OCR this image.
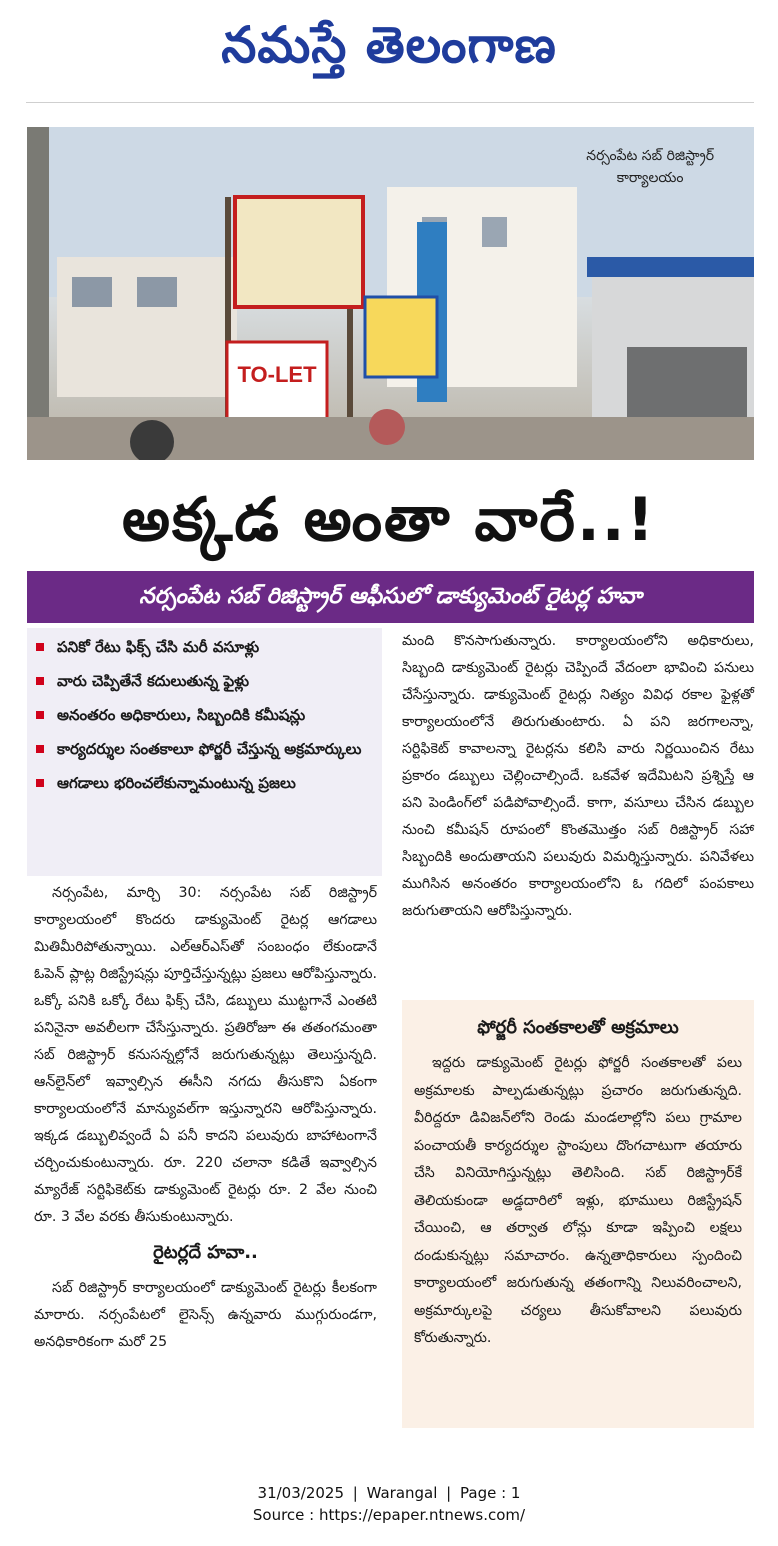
నమస్తే తెలంగాణ
TO-LET
నర్సంపేట సబ్ రిజిస్ట్రార్
కార్యాలయం
అక్కడ అంతా వారే..!
నర్సంపేట సబ్ రిజిస్ట్రార్ ఆఫీసులో డాక్యుమెంట్ రైటర్ల హవా
పనికో రేటు ఫిక్స్ చేసి మరీ వసూళ్లు
వారు చెప్పితేనే కదులుతున్న ఫైళ్లు
అనంతరం అధికారులు, సిబ్బందికి కమీషన్లు
కార్యదర్శుల సంతకాలూ ఫోర్జరీ చేస్తున్న అక్రమార్కులు
ఆగడాలు భరించలేకున్నామంటున్న ప్రజలు

నర్సంపేట, మార్చి 30: నర్సంపేట సబ్ రిజిస్ట్రార్ కార్యాలయంలో కొందరు డాక్యుమెంట్ రైటర్ల ఆగడాలు మితిమీరిపోతున్నాయి. ఎల్‌ఆర్‌ఎస్‌తో సంబంధం లేకుండానే ఓపెన్ ప్లాట్ల రిజిస్ట్రేషన్లు పూర్తిచేస్తున్నట్లు ప్రజలు ఆరోపిస్తున్నారు. ఒక్కో పనికి ఒక్కో రేటు ఫిక్స్ చేసి, డబ్బులు ముట్టగానే ఎంతటి పనినైనా అవలీలగా చేసేస్తున్నారు. ప్రతిరోజూ ఈ తతంగమంతా సబ్ రిజిస్ట్రార్ కనుసన్నల్లోనే జరుగుతున్నట్లు తెలుస్తున్నది. ఆన్‌లైన్‌లో ఇవ్వాల్సిన ఈసీని నగదు తీసుకొని ఏకంగా కార్యాలయంలోనే మాన్యువల్‌గా ఇస్తున్నారని ఆరోపిస్తున్నారు. ఇక్కడ డబ్బులివ్వందే ఏ పనీ కాదని పలువురు బాహాటంగానే చర్చించుకుంటున్నారు. రూ. 220 చలానా కడితే ఇవ్వాల్సిన మ్యారేజ్ సర్టిఫికెట్‌కు డాక్యుమెంట్ రైటర్లు రూ. 2 వేల నుంచి రూ. 3 వేల వరకు తీసుకుంటున్నారు.

రైటర్లదే హవా..

సబ్ రిజిస్ట్రార్ కార్యాలయంలో డాక్యుమెంట్ రైటర్లు కీలకంగా మారారు. నర్సంపేటలో లైసెన్స్ ఉన్నవారు ముగ్గురుండగా, అనధికారికంగా మరో 25

మంది కొనసాగుతున్నారు. కార్యాలయంలోని అధికారులు, సిబ్బంది డాక్యుమెంట్ రైటర్లు చెప్పిందే వేదంలా భావించి పనులు చేసేస్తున్నారు. డాక్యుమెంట్ రైటర్లు నిత్యం వివిధ రకాల ఫైళ్లతో కార్యాలయంలోనే తిరుగుతుంటారు. ఏ పని జరగాలన్నా, సర్టిఫికెట్ కావాలన్నా రైటర్లను కలిసి వారు నిర్ణయించిన రేటు ప్రకారం డబ్బులు చెల్లించాల్సిందే. ఒకవేళ ఇదేమిటని ప్రశ్నిస్తే ఆ పని పెండింగ్‌లో పడిపోవాల్సిందే. కాగా, వసూలు చేసిన డబ్బుల నుంచి కమీషన్ రూపంలో కొంతమొత్తం సబ్ రిజిస్ట్రార్ సహా సిబ్బందికి అందుతాయని పలువురు విమర్శిస్తున్నారు. పనివేళలు ముగిసిన అనంతరం కార్యాలయంలోని ఓ గదిలో పంపకాలు జరుగుతాయని ఆరోపిస్తున్నారు.

ఫోర్జరీ సంతకాలతో అక్రమాలు

ఇద్దరు డాక్యుమెంట్ రైటర్లు ఫోర్జరీ సంతకాలతో పలు అక్రమాలకు పాల్పడుతున్నట్లు ప్రచారం జరుగుతున్నది. వీరిద్దరూ డివిజన్‌లోని రెండు మండలాల్లోని పలు గ్రామాల పంచాయతీ కార్యదర్శుల స్టాంపులు దొంగచాటుగా తయారు చేసి వినియోగిస్తున్నట్లు తెలిసింది. సబ్ రిజిస్ట్రార్‌కే తెలియకుండా అడ్డదారిలో ఇళ్లు, భూములు రిజిస్ట్రేషన్ చేయించి, ఆ తర్వాత లోన్లు కూడా ఇప్పించి లక్షలు దండుకున్నట్లు సమాచారం. ఉన్నతాధికారులు స్పందించి కార్యాలయంలో జరుగుతున్న తతంగాన్ని నిలువరించాలని, అక్రమార్కులపై చర్యలు తీసుకోవాలని పలువురు కోరుతున్నారు.

31/03/2025 | Warangal | Page : 1
Source : https://epaper.ntnews.com/
